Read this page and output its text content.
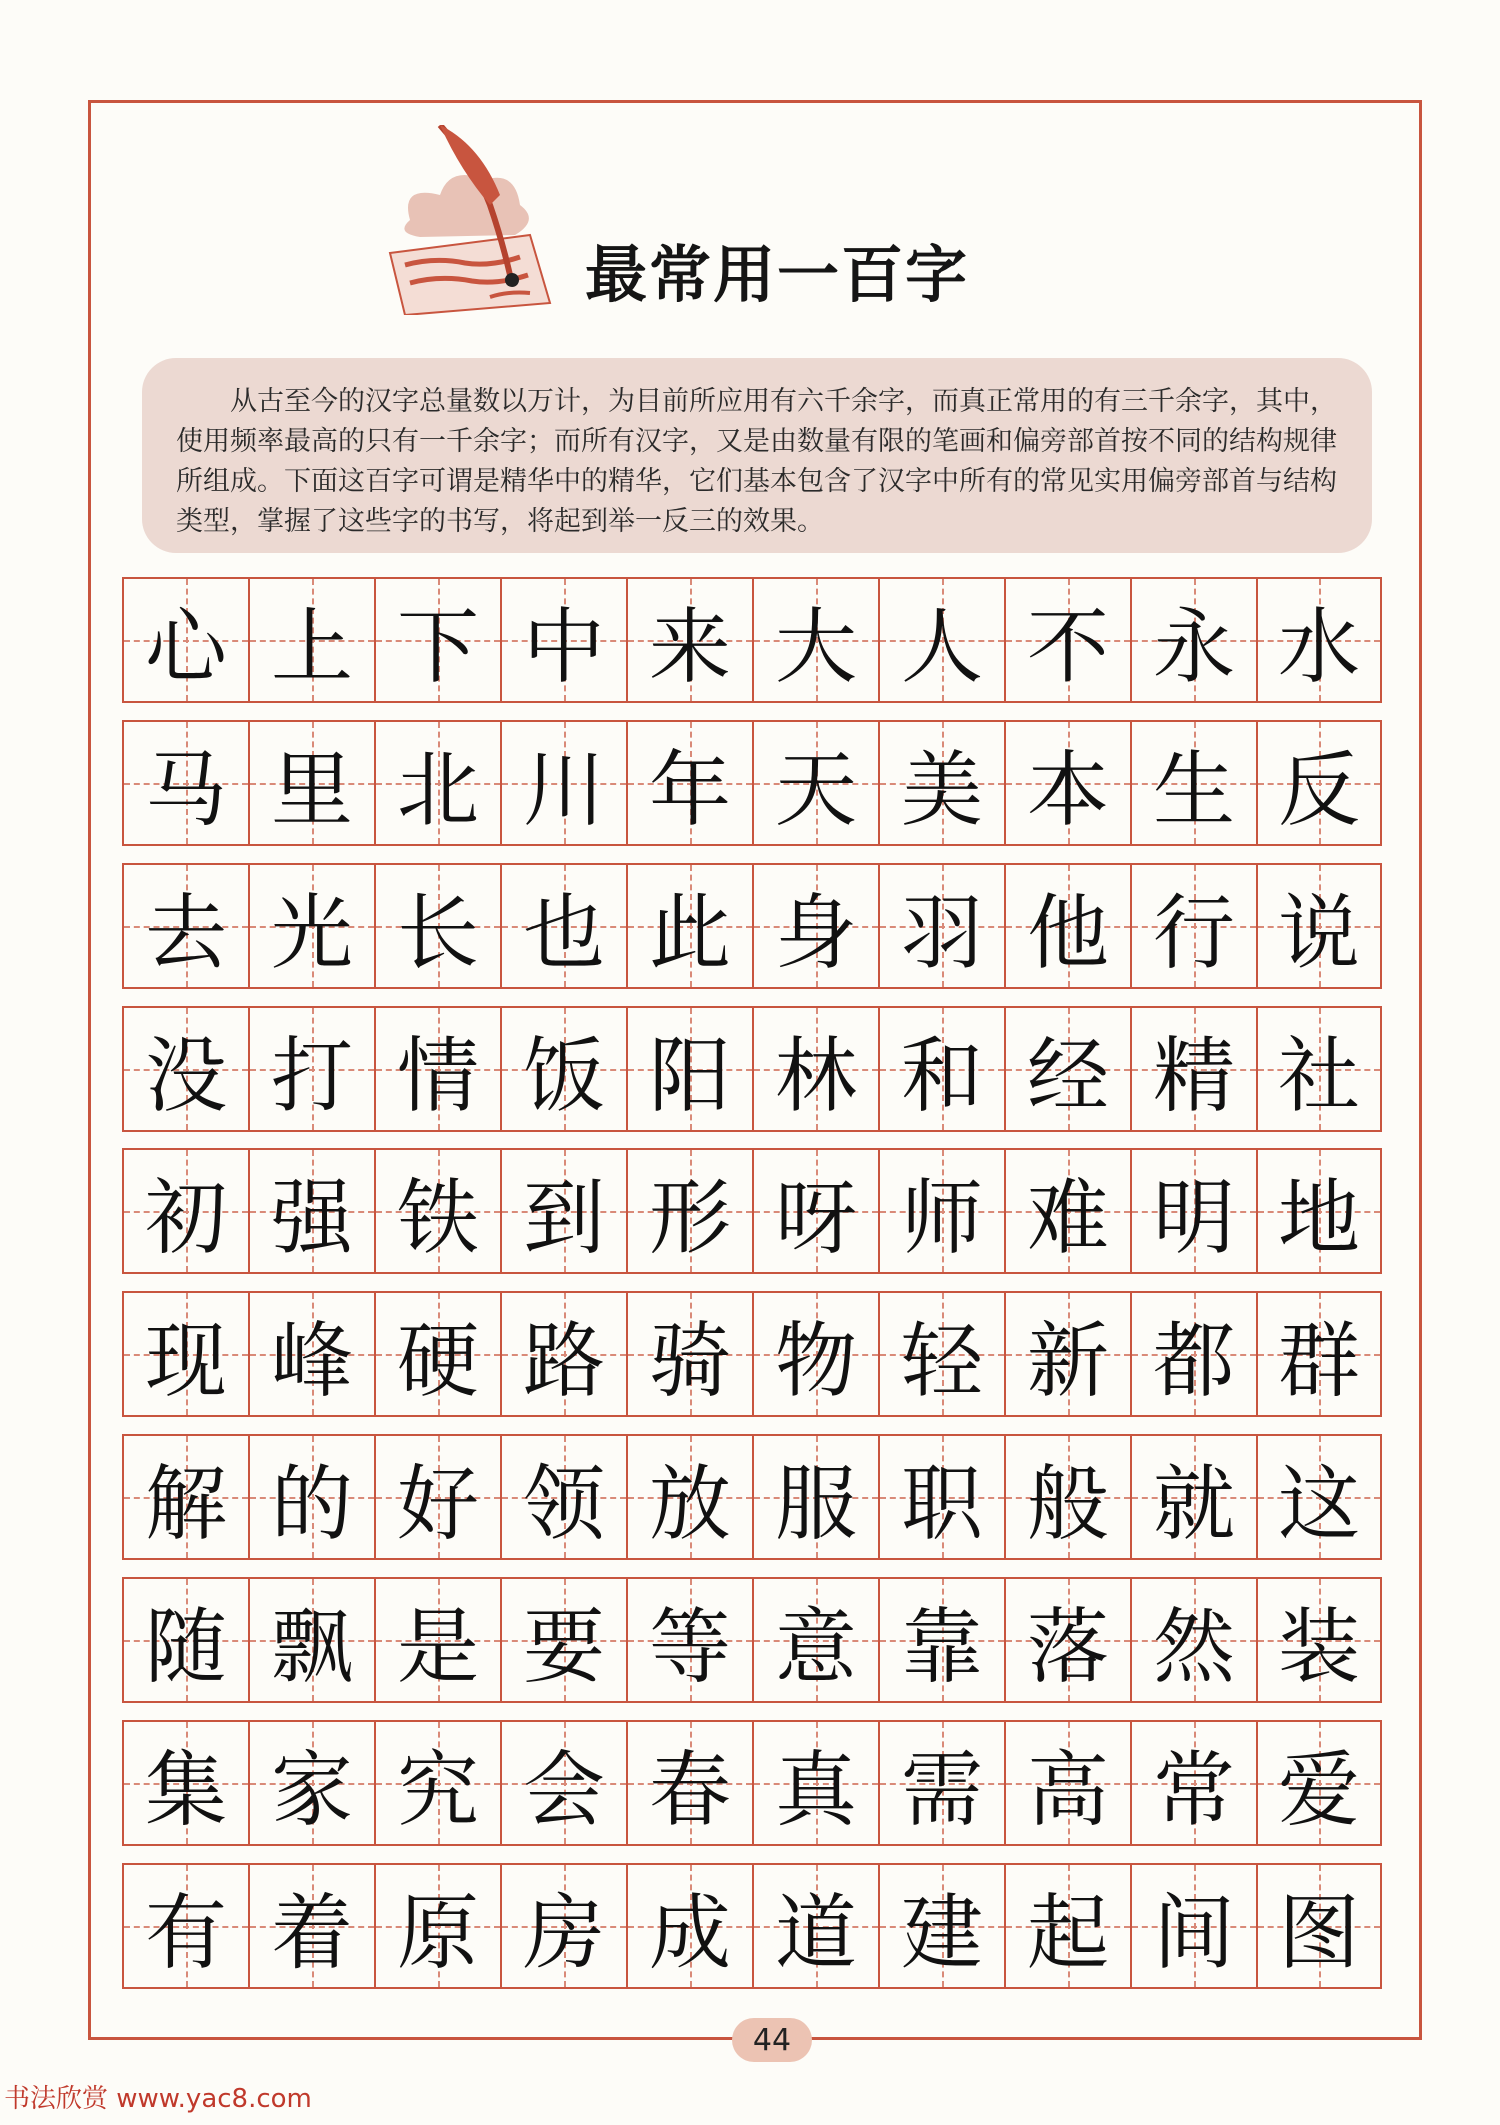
最常用一百字
从古至今的汉字总量数以万计，为目前所应用有六千余字，而真正常用的有三千余字，其中，使用频率最高的只有一千余字；而所有汉字，又是由数量有限的笔画和偏旁部首按不同的结构规律所组成。下面这百字可谓是精华中的精华，它们基本包含了汉字中所有的常见实用偏旁部首与结构类型，掌握了这些字的书写，将起到举一反三的效果。
心 上 下 中 来 大 人 不 永 水
马 里 北 川 年 天 美 本 生 反
去 光 长 也 此 身 羽 他 行 说
没 打 情 饭 阳 林 和 经 精 社
初 强 铁 到 形 呀 师 难 明 地
现 峰 硬 路 骑 物 轻 新 都 群
解 的 好 领 放 服 职 般 就 这
随 飘 是 要 等 意 靠 落 然 装
集 家 究 会 春 真 需 高 常 爱
有 着 原 房 成 道 建 起 间 图
44
书法欣赏 www.yac8.com
